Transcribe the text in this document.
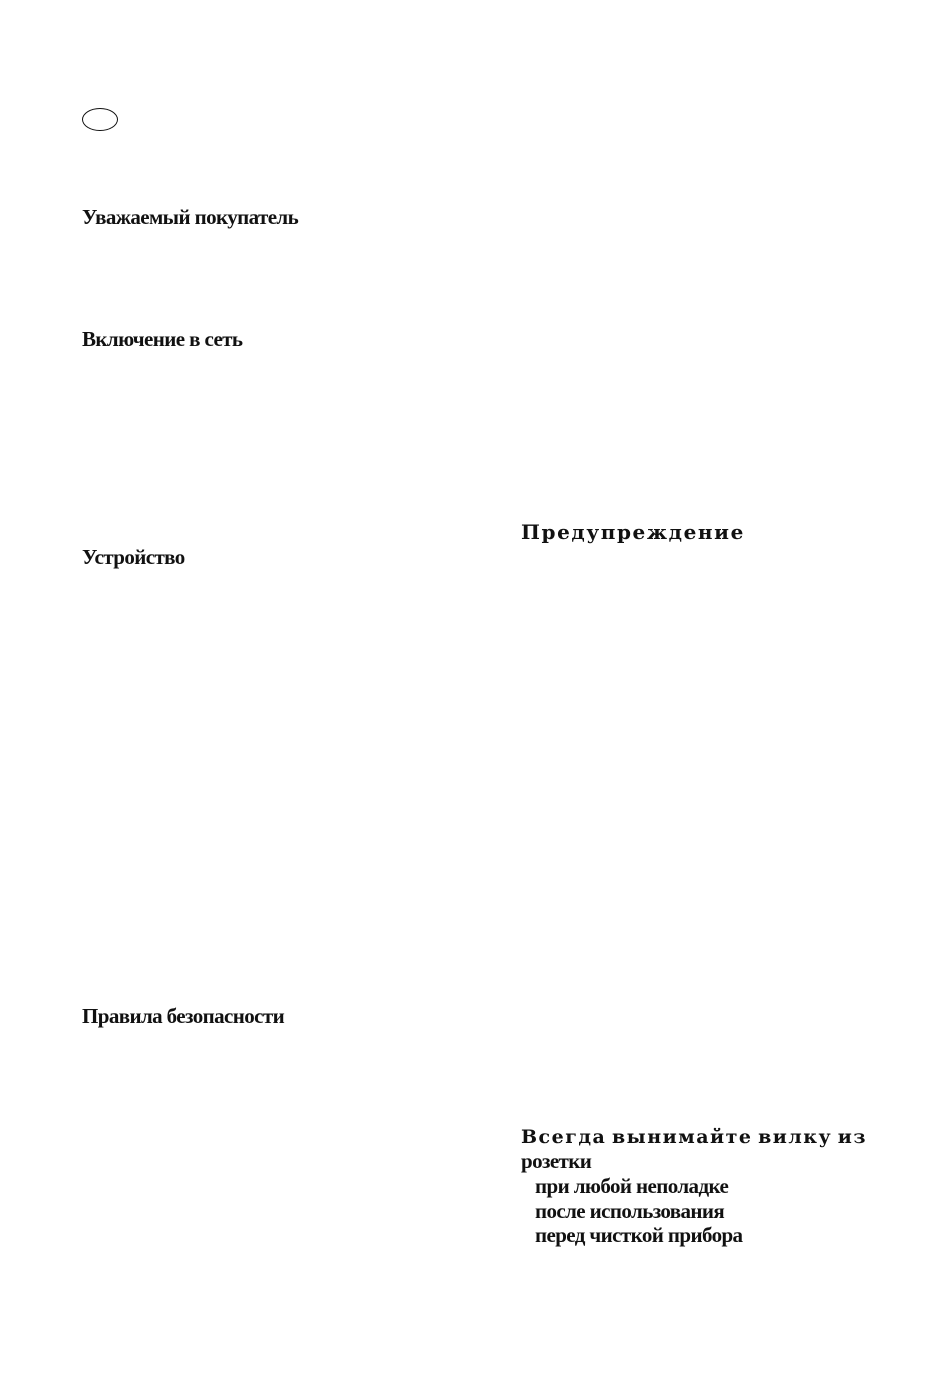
Уважаемый покупатель
Включение в сеть
Устройство
Правила безопасности
Предупреждение

Всегда вынимайте вилку из
розетки

при любой неполадке
после использования
перед чисткой прибора
